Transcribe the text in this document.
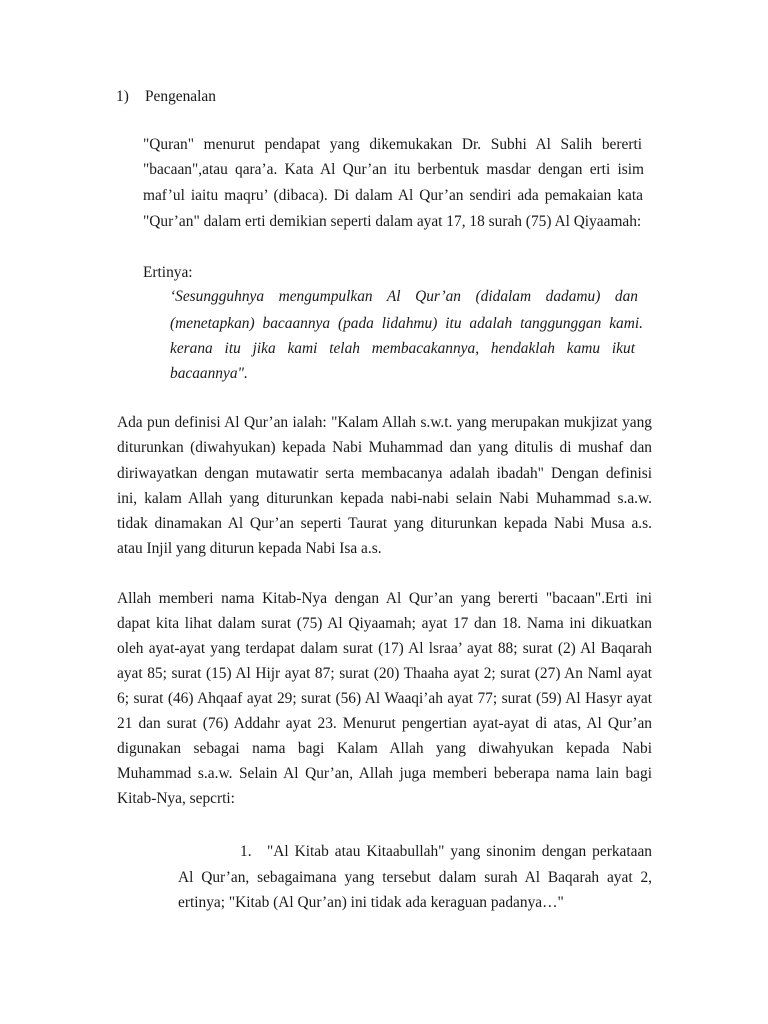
1) Pengenalan
"Quran" menurut pendapat yang dikemukakan Dr. Subhi Al Salih bererti
"bacaan",atau qara’a. Kata Al Qur’an itu berbentuk masdar dengan erti isim
maf’ul iaitu maqru’ (dibaca). Di dalam Al Qur’an sendiri ada pemakaian kata
"Qur’an" dalam erti demikian seperti dalam ayat 17, 18 surah (75) Al Qiyaamah:
Ertinya:
‘Sesungguhnya mengumpulkan Al Qur’an (didalam dadamu) dan
(menetapkan) bacaannya (pada lidahmu) itu adalah tanggunggan kami.
kerana itu jika kami telah membacakannya, hendaklah kamu ikut
bacaannya".
Ada pun definisi Al Qur’an ialah: "Kalam Allah s.w.t. yang merupakan mukjizat yang
diturunkan (diwahyukan) kepada Nabi Muhammad dan yang ditulis di mushaf dan
diriwayatkan dengan mutawatir serta membacanya adalah ibadah" Dengan definisi
ini, kalam Allah yang diturunkan kepada nabi-nabi selain Nabi Muhammad s.a.w.
tidak dinamakan Al Qur’an seperti Taurat yang diturunkan kepada Nabi Musa a.s.
atau Injil yang diturun kepada Nabi Isa a.s.
Allah memberi nama Kitab-Nya dengan Al Qur’an yang bererti "bacaan".Erti ini
dapat kita lihat dalam surat (75) Al Qiyaamah; ayat 17 dan 18. Nama ini dikuatkan
oleh ayat-ayat yang terdapat dalam surat (17) Al lsraa’ ayat 88; surat (2) Al Baqarah
ayat 85; surat (15) Al Hijr ayat 87; surat (20) Thaaha ayat 2; surat (27) An Naml ayat
6; surat (46) Ahqaaf ayat 29; surat (56) Al Waaqi’ah ayat 77; surat (59) Al Hasyr ayat
21 dan surat (76) Addahr ayat 23. Menurut pengertian ayat-ayat di atas, Al Qur’an
digunakan sebagai nama bagi Kalam Allah yang diwahyukan kepada Nabi
Muhammad s.a.w. Selain Al Qur’an, Allah juga memberi beberapa nama lain bagi
Kitab-Nya, sepcrti:
1. "Al Kitab atau Kitaabullah" yang sinonim dengan perkataan
Al Qur’an, sebagaimana yang tersebut dalam surah Al Baqarah ayat 2,
ertinya; "Kitab (Al Qur’an) ini tidak ada keraguan padanya…"
